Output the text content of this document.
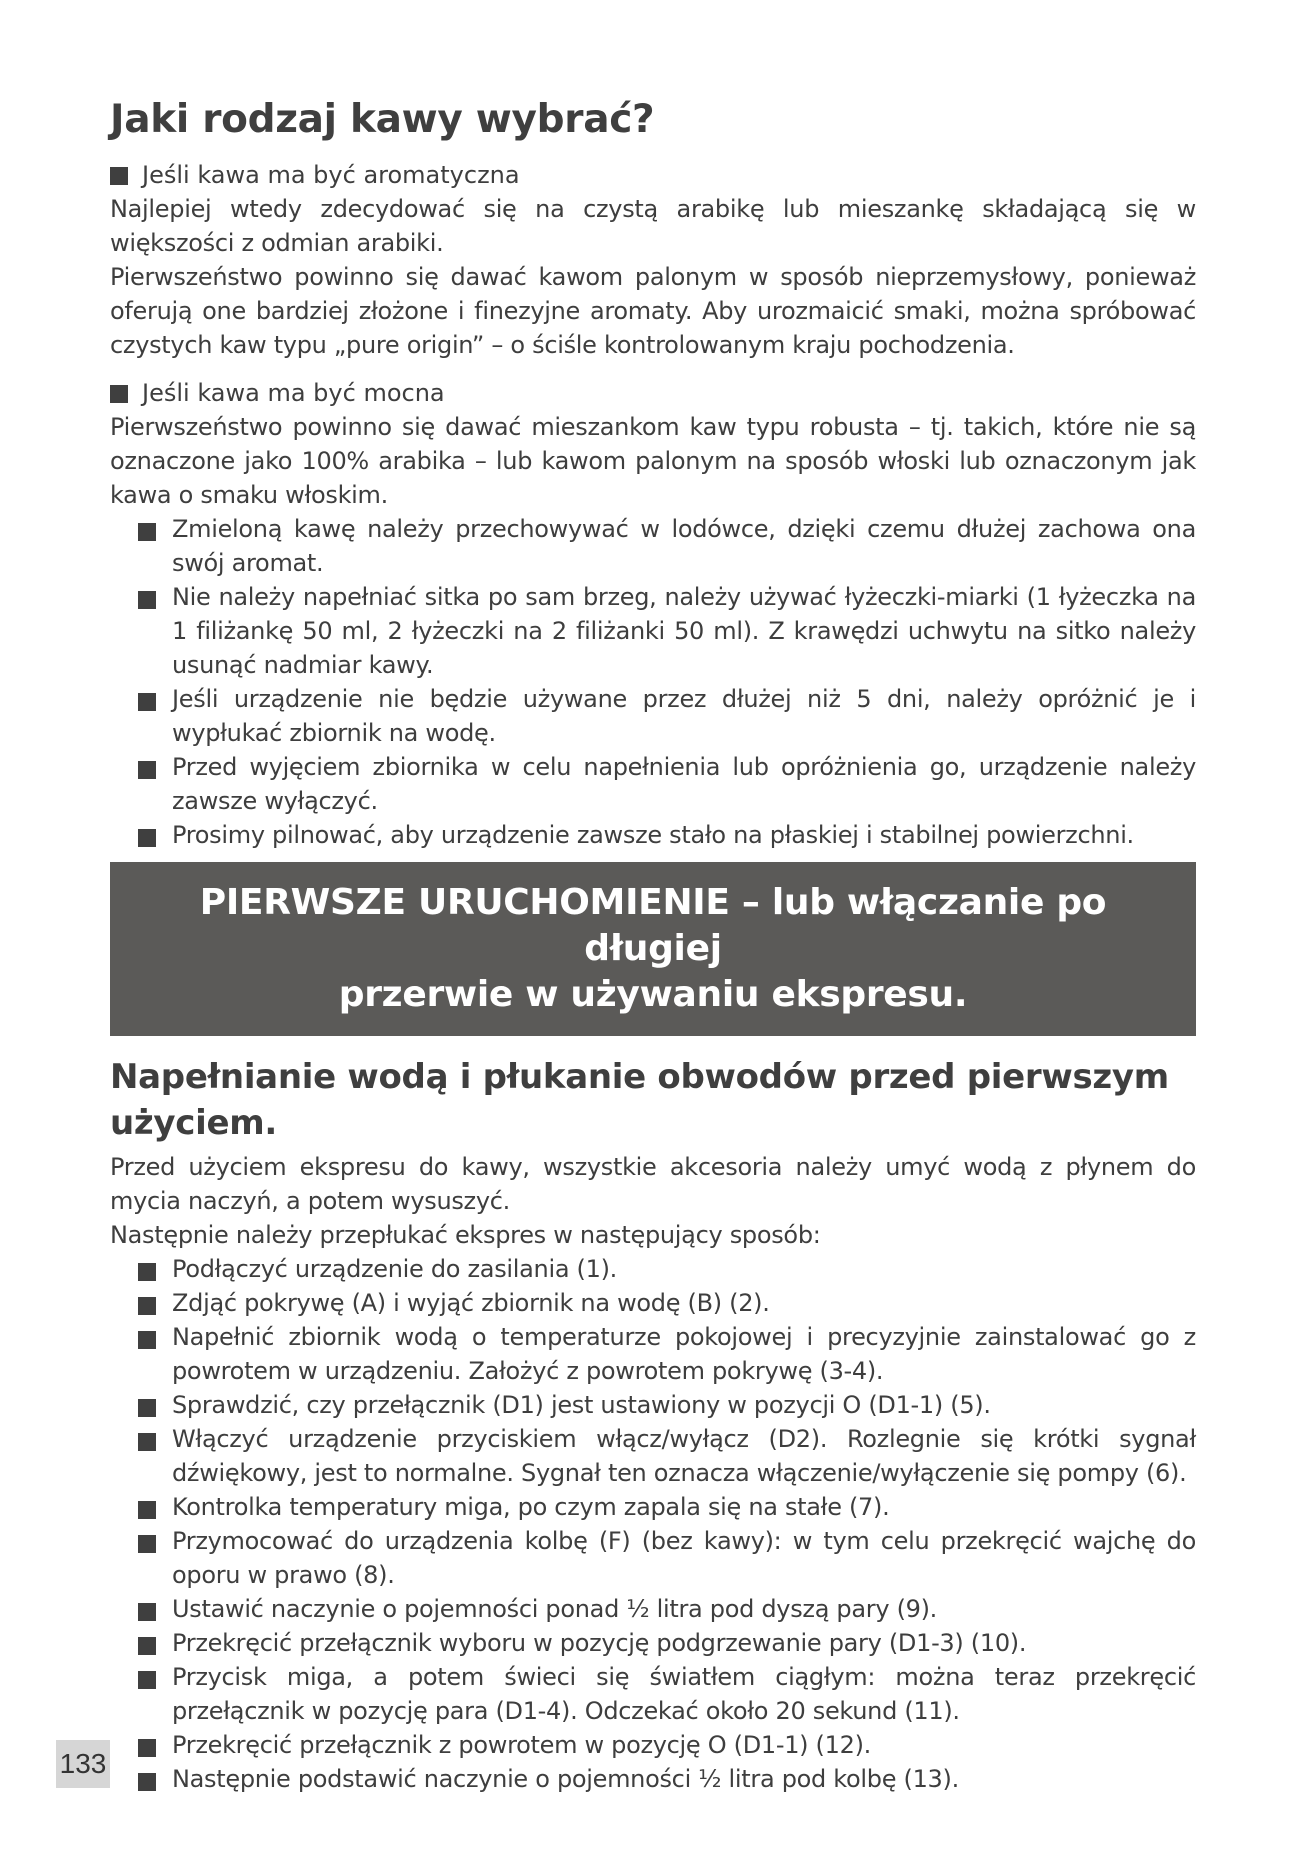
Jaki rodzaj kawy wybrać?
Jeśli kawa ma być aromatyczna

Najlepiej wtedy zdecydować się na czystą arabikę lub mieszankę składającą się w większości z odmian arabiki.

Pierwszeństwo powinno się dawać kawom palonym w sposób nieprzemysłowy, ponieważ oferują one bardziej złożone i finezyjne aromaty. Aby urozmaicić smaki, można spróbować czystych kaw typu „pure origin” – o ściśle kontrolowanym kraju pochodzenia.

Jeśli kawa ma być mocna

Pierwszeństwo powinno się dawać mieszankom kaw typu robusta – tj. takich, które nie są oznaczone jako 100% arabika – lub kawom palonym na sposób włoski lub oznaczonym jak kawa o smaku włoskim.

Zmieloną kawę należy przechowywać w lodówce, dzięki czemu dłużej zachowa ona swój aromat.
Nie należy napełniać sitka po sam brzeg, należy używać łyżeczki-miarki (1 łyżeczka na 1 filiżankę 50 ml, 2 łyżeczki na 2 filiżanki 50 ml). Z krawędzi uchwytu na sitko należy usunąć nadmiar kawy.
Jeśli urządzenie nie będzie używane przez dłużej niż 5 dni, należy opróżnić je i wypłukać zbiornik na wodę.
Przed wyjęciem zbiornika w celu napełnienia lub opróżnienia go, urządzenie należy zawsze wyłączyć.
Prosimy pilnować, aby urządzenie zawsze stało na płaskiej i stabilnej powierzchni.
PIERWSZE URUCHOMIENIE – lub włączanie po długiej
przerwie w używaniu ekspresu.
Napełnianie wodą i płukanie obwodów przed pierwszym użyciem.

Przed użyciem ekspresu do kawy, wszystkie akcesoria należy umyć wodą z płynem do mycia naczyń, a potem wysuszyć.

Następnie należy przepłukać ekspres w następujący sposób:

Podłączyć urządzenie do zasilania (1).
Zdjąć pokrywę (A) i wyjąć zbiornik na wodę (B) (2).
Napełnić zbiornik wodą o temperaturze pokojowej i precyzyjnie zainstalować go z powrotem w urządzeniu. Założyć z powrotem pokrywę (3-4).
Sprawdzić, czy przełącznik (D1) jest ustawiony w pozycji O (D1-1) (5).
Włączyć urządzenie przyciskiem włącz/wyłącz (D2). Rozlegnie się krótki sygnał dźwiękowy, jest to normalne. Sygnał ten oznacza włączenie/wyłączenie się pompy (6).
Kontrolka temperatury miga, po czym zapala się na stałe (7).
Przymocować do urządzenia kolbę (F) (bez kawy): w tym celu przekręcić wajchę do oporu w prawo (8).
Ustawić naczynie o pojemności ponad ½ litra pod dyszą pary (9).
Przekręcić przełącznik wyboru w pozycję podgrzewanie pary (D1-3) (10).
Przycisk miga, a potem świeci się światłem ciągłym: można teraz przekręcić przełącznik w pozycję para (D1-4). Odczekać około 20 sekund (11).
Przekręcić przełącznik z powrotem w pozycję O (D1-1) (12).
Następnie podstawić naczynie o pojemności ½ litra pod kolbę (13).
133
